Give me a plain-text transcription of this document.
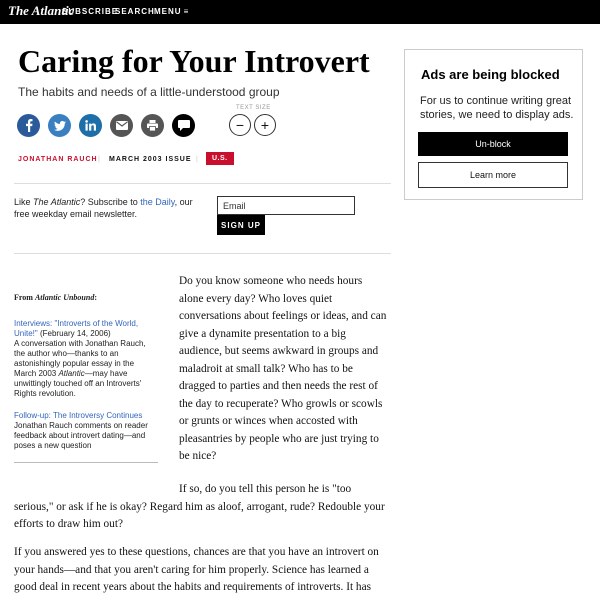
The Atlantic
SUBSCRIBE
SEARCH MENU ≡
Caring for Your Introvert
The habits and needs of a little-understood group
TEXT SIZE
−	+
JONATHAN RAUCH | MARCH 2003 ISSUE |	U.S.
Like The Atlantic? Subscribe to the Daily, our free weekday email newsletter.
Email
SIGN UP
Ads are being blocked
For us to continue writing great stories, we need to display ads.
Un-block
Learn more
From Atlantic Unbound:
Interviews: "Introverts of the World, Unite!" (February 14, 2006)
A conversation with Jonathan Rauch, the author who—thanks to an astonishingly popular essay in the March 2003 Atlantic—may have unwittingly touched off an Introverts' Rights revolution.
Follow-up: The Introversy Continues
Jonathan Rauch comments on reader feedback about introvert dating—and poses a new question

Do you know someone who needs hours alone every day? Who loves quiet conversations about feelings or ideas, and can give a dynamite presentation to a big audience, but seems awkward in groups and maladroit at small talk? Who has to be dragged to parties and then needs the rest of the day to recuperate? Who growls or scowls or grunts or winces when accosted with pleasantries by people who are just trying to be nice?

If so, do you tell this person he is "too serious," or ask if he is okay? Regard him as aloof, arrogant, rude? Redouble your efforts to draw him out?

If you answered yes to these questions, chances are that you have an introvert on your hands—and that you aren't caring for him properly. Science has learned a good deal in recent years about the habits and requirements of introverts. It has
